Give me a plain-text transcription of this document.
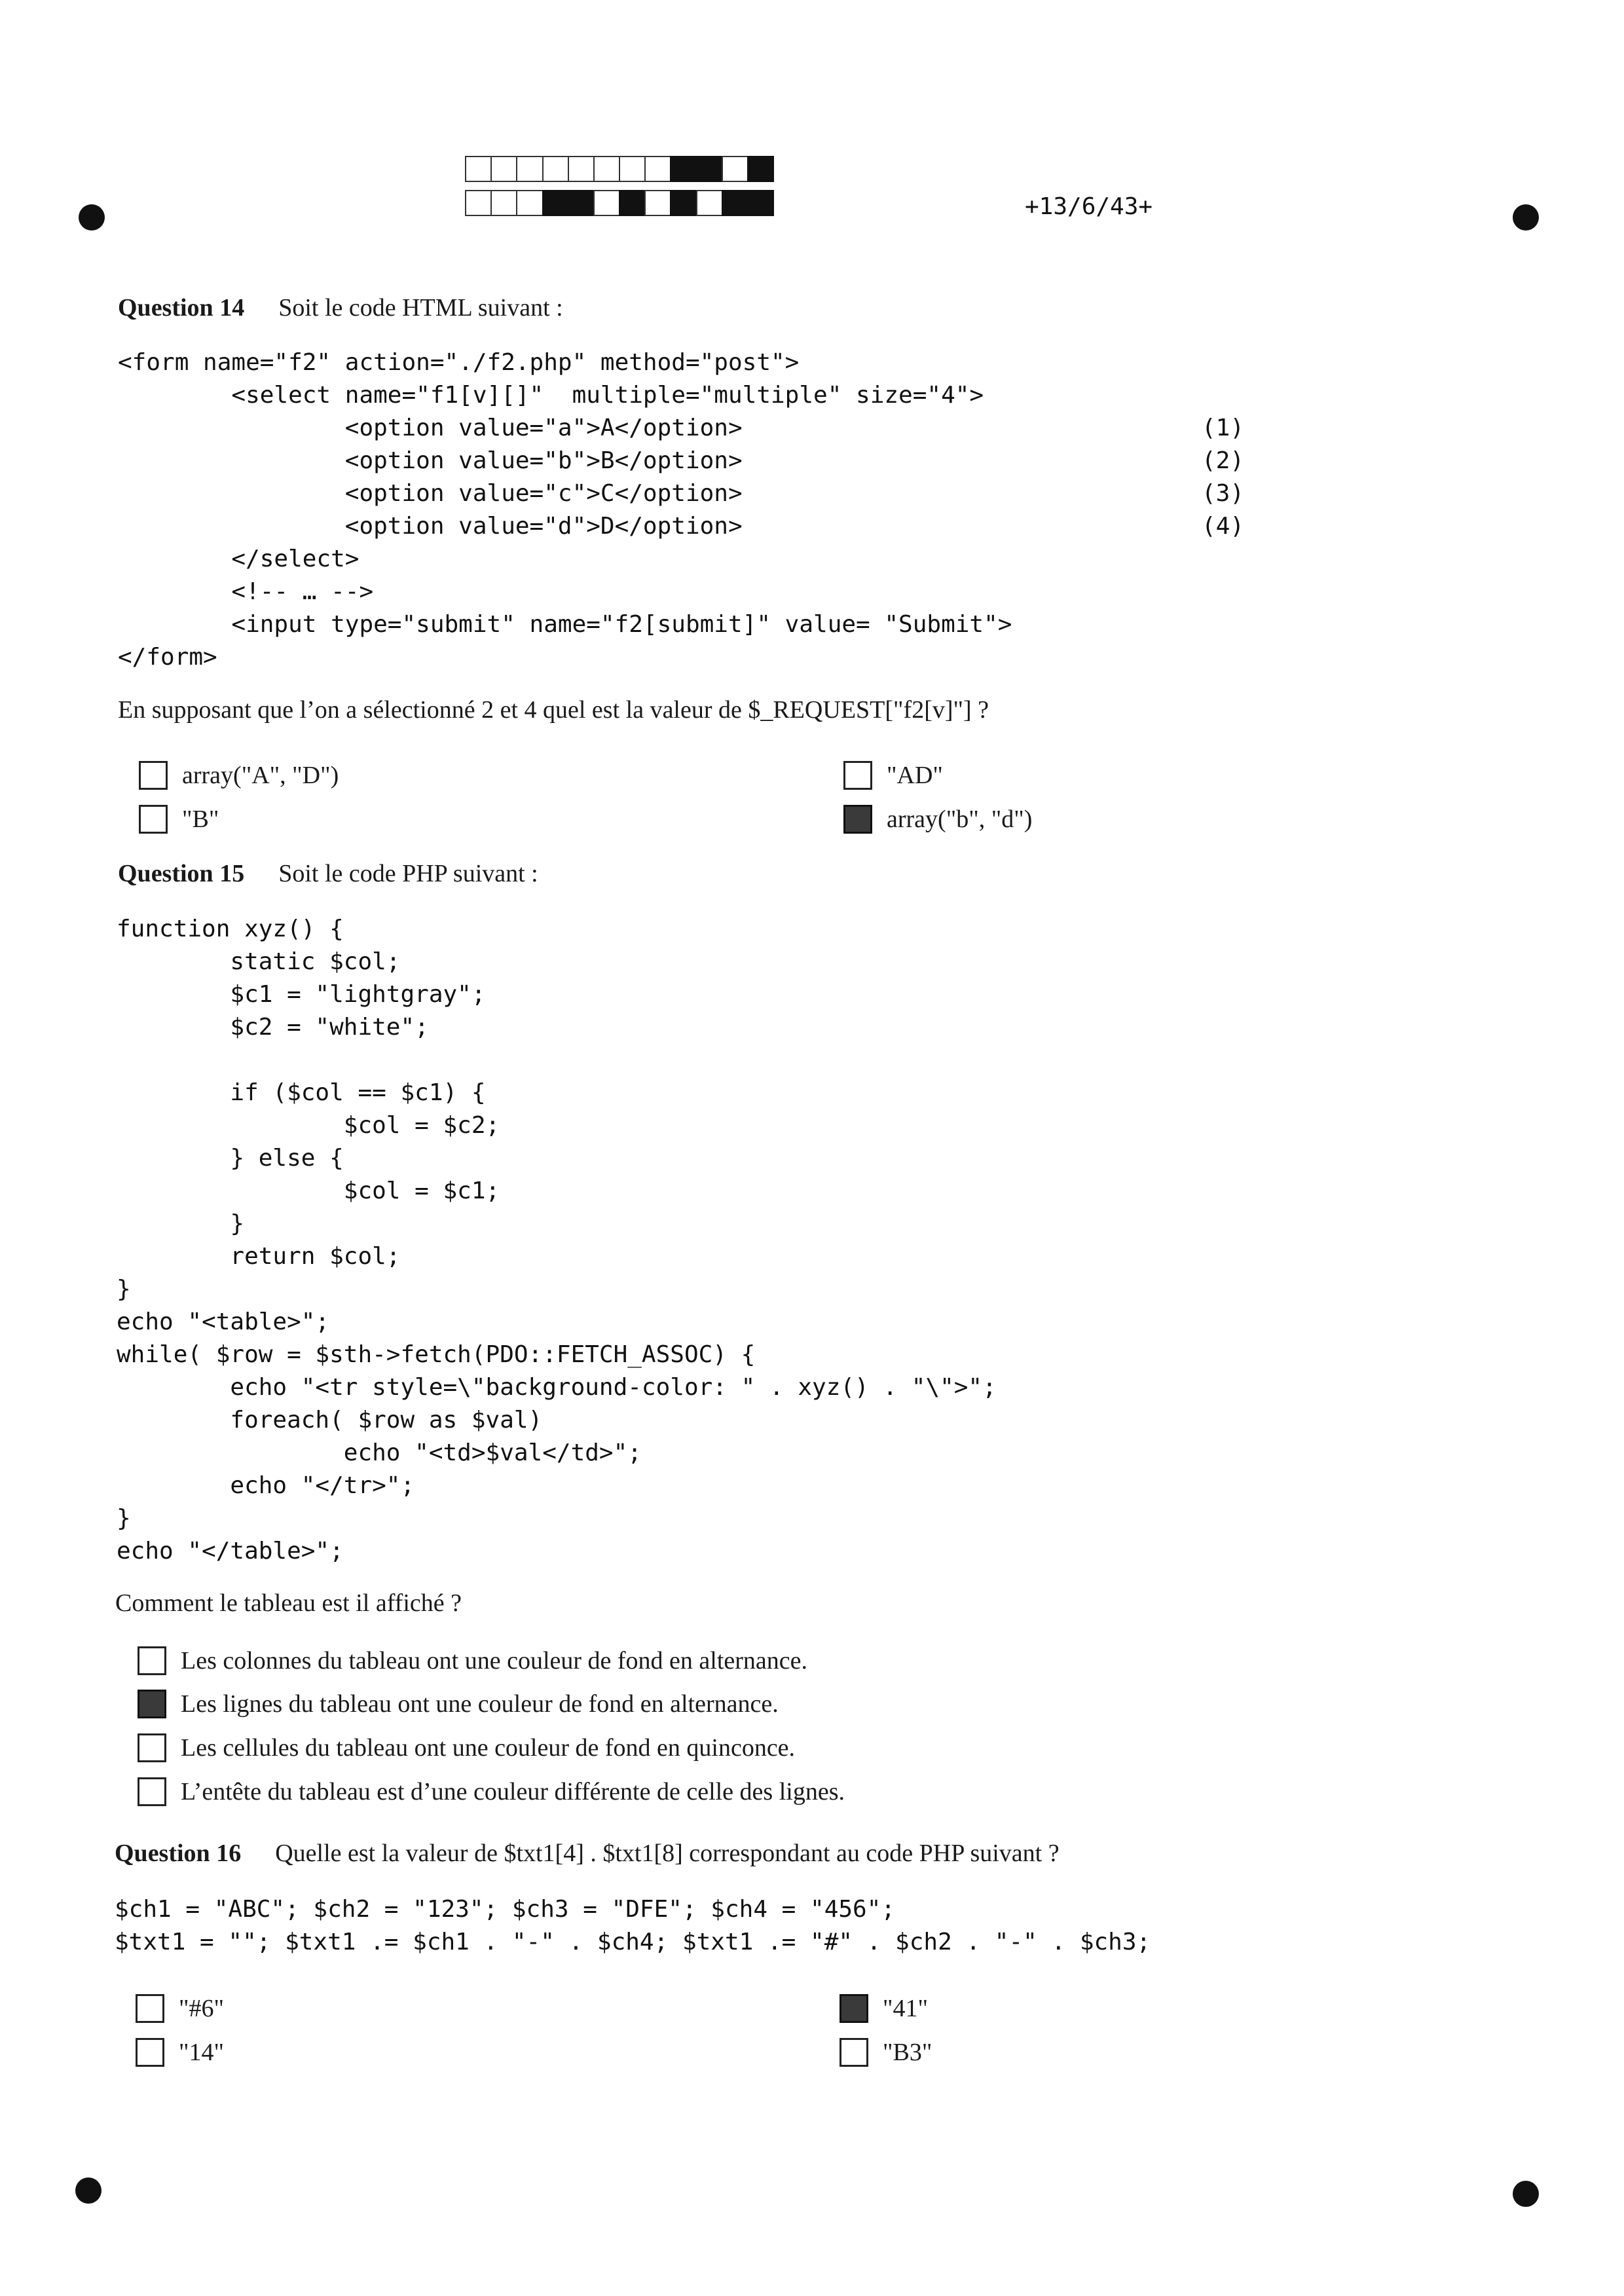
+13/6/43+
Question 14 Soit le code HTML suivant :
<form name="f2" action="./f2.php" method="post">
<select name="f1[v][]"  multiple="multiple" size="4">
<option value="a">A</option>	(1)
<option value="b">B</option>	(2)
<option value="c">C</option>	(3)
<option value="d">D</option>	(4)
</select>
<!-- … -->
<input type="submit" name="f2[submit]" value= "Submit">
</form>
En supposant que l’on a sélectionné 2 et 4 quel est la valeur de $_REQUEST["f2[v]"] ?
array("A", "D")	"AD"
"B"	array("b", "d")
Question 15 Soit le code PHP suivant :
function xyz() {
static $col;
$c1 = "lightgray";
$c2 = "white";
if ($col == $c1) {
$col = $c2;
} else {
$col = $c1;
}
return $col;
}
echo "<table>";
while( $row = $sth->fetch(PDO::FETCH_ASSOC) {
echo "<tr style=\"background-color: " . xyz() . "\">";
foreach( $row as $val)
echo "<td>$val</td>";
echo "</tr>";
}
echo "</table>";
Comment le tableau est il affiché ?
Les colonnes du tableau ont une couleur de fond en alternance.
Les lignes du tableau ont une couleur de fond en alternance.
Les cellules du tableau ont une couleur de fond en quinconce.
L’entête du tableau est d’une couleur différente de celle des lignes.
Question 16 Quelle est la valeur de $txt1[4] . $txt1[8] correspondant au code PHP suivant ?
$ch1 = "ABC"; $ch2 = "123"; $ch3 = "DFE"; $ch4 = "456";
$txt1 = ""; $txt1 .= $ch1 . "-" . $ch4; $txt1 .= "#" . $ch2 . "-" . $ch3;
"#6"	"41"
"14"	"B3"
